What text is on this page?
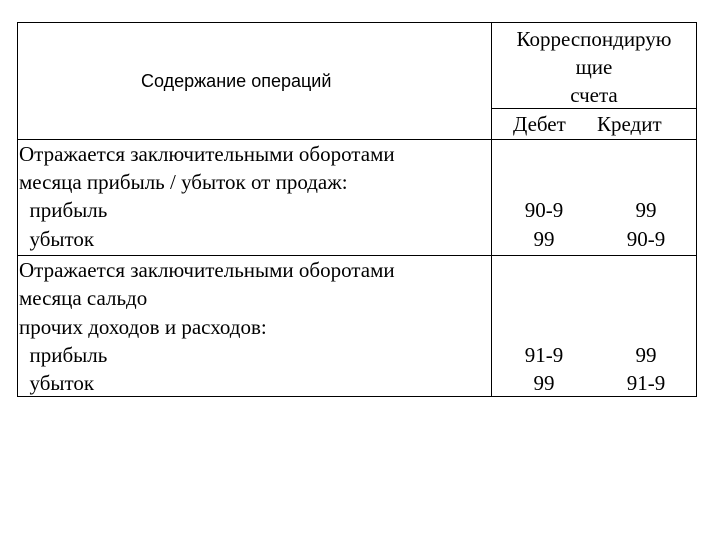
Содержание операций
Корреспондирую
щие
счета
Дебет Кредит
Отражается заключительными оборотами
месяца прибыль / убыток от продаж:
прибыль
убыток
90-9
99
99
90-9
Отражается заключительными оборотами
месяца сальдо
прочих доходов и расходов:
прибыль
убыток
91-9
99
99
91-9
